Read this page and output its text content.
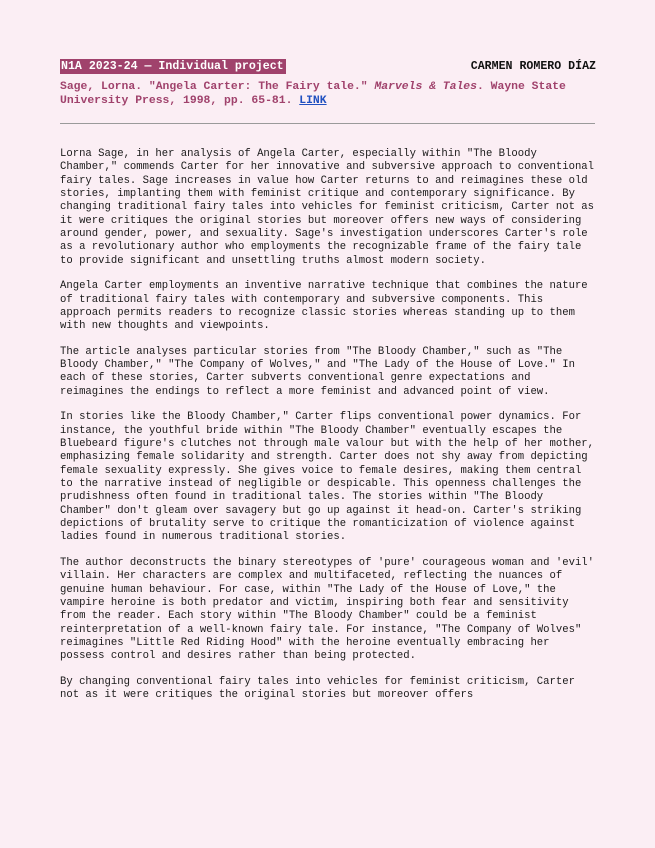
N1A 2023-24 — Individual project	CARMEN ROMERO DÍAZ
Sage, Lorna. "Angela Carter: The Fairy tale." Marvels & Tales. Wayne State University Press, 1998, pp. 65-81. LINK

Lorna Sage, in her analysis of Angela Carter, especially within "The Bloody Chamber," commends Carter for her innovative and subversive approach to conventional fairy tales. Sage increases in value how Carter returns to and reimagines these old stories, implanting them with feminist critique and contemporary significance. By changing traditional fairy tales into vehicles for feminist criticism, Carter not as it were critiques the original stories but moreover offers new ways of considering around gender, power, and sexuality. Sage's investigation underscores Carter's role as a revolutionary author who employments the recognizable frame of the fairy tale to provide significant and unsettling truths almost modern society.

Angela Carter employments an inventive narrative technique that combines the nature of traditional fairy tales with contemporary and subversive components. This approach permits readers to recognize classic stories whereas standing up to them with new thoughts and viewpoints.

The article analyses particular stories from "The Bloody Chamber," such as "The Bloody Chamber," "The Company of Wolves," and "The Lady of the House of Love." In each of these stories, Carter subverts conventional genre expectations and reimagines the endings to reflect a more feminist and advanced point of view.

In stories like the Bloody Chamber," Carter flips conventional power dynamics. For instance, the youthful bride within "The Bloody Chamber" eventually escapes the Bluebeard figure's clutches not through male valour but with the help of her mother, emphasizing female solidarity and strength. Carter does not shy away from depicting female sexuality expressly. She gives voice to female desires, making them central to the narrative instead of negligible or despicable. This openness challenges the prudishness often found in traditional tales. The stories within "The Bloody Chamber" don't gleam over savagery but go up against it head-on. Carter's striking depictions of brutality serve to critique the romanticization of violence against ladies found in numerous traditional stories.

The author deconstructs the binary stereotypes of 'pure' courageous woman and 'evil' villain. Her characters are complex and multifaceted, reflecting the nuances of genuine human behaviour. For case, within "The Lady of the House of Love," the vampire heroine is both predator and victim, inspiring both fear and sensitivity from the reader. Each story within "The Bloody Chamber" could be a feminist reinterpretation of a well-known fairy tale. For instance, "The Company of Wolves" reimagines "Little Red Riding Hood" with the heroine eventually embracing her possess control and desires rather than being protected.

By changing conventional fairy tales into vehicles for feminist criticism, Carter not as it were critiques the original stories but moreover offers
